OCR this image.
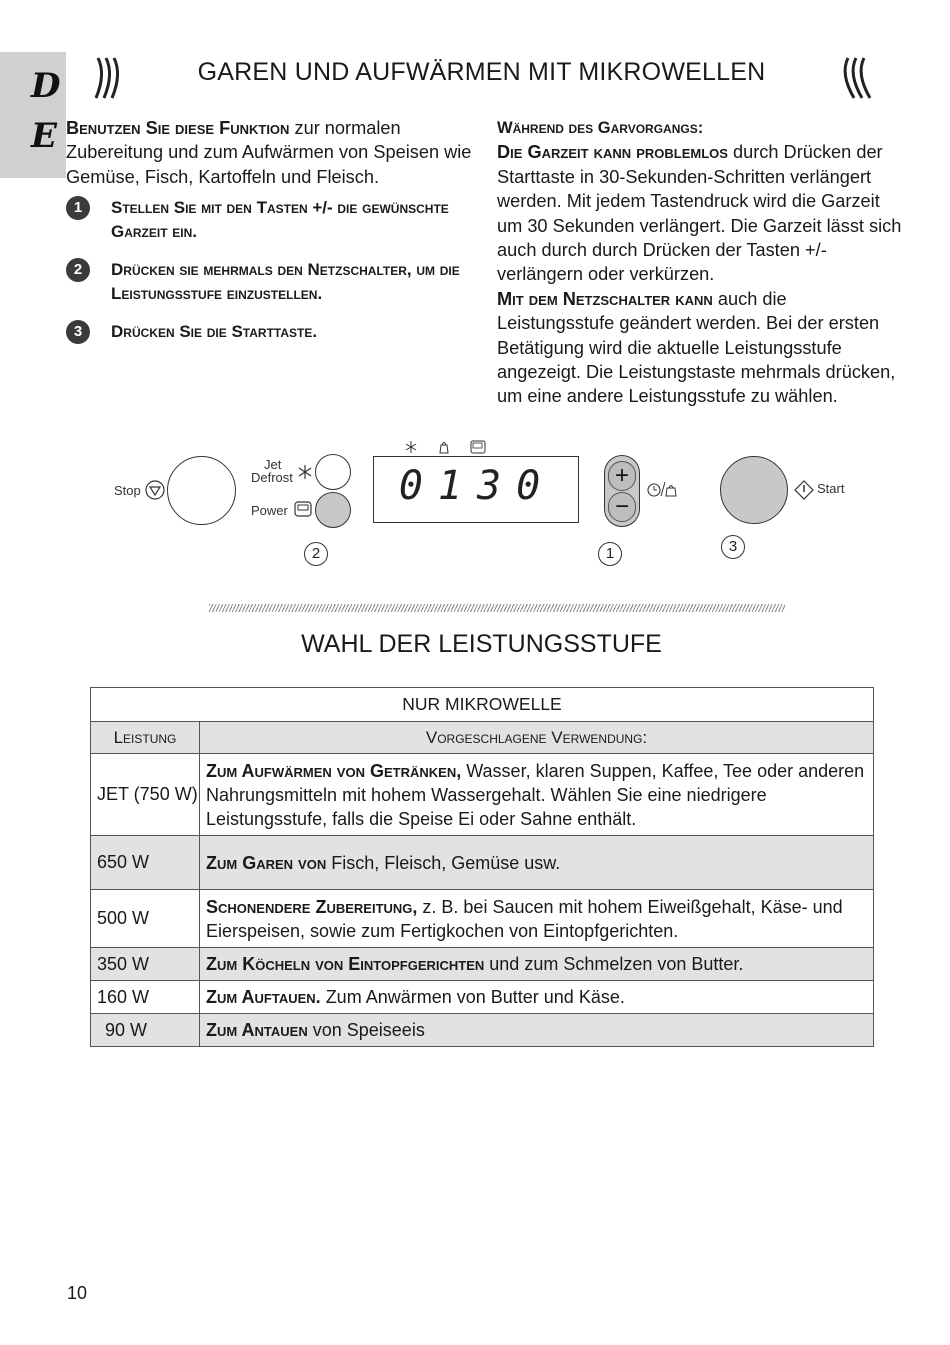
D
E
GAREN UND AUFWÄRMEN MIT MIKROWELLEN
Benutzen Sie diese Funktion zur normalen Zubereitung und zum Aufwärmen von Speisen wie Gemüse, Fisch, Kartoffeln und Fleisch.
1	Stellen Sie mit den Tasten +/- die gewünschte Garzeit ein.
2	Drücken sie mehrmals den Netzschalter, um die Leistungsstufe einzustellen.
3	Drücken Sie die Starttaste.
Während des Garvorgangs:
Die Garzeit kann problemlos durch Drücken der Starttaste in 30-Sekunden-Schritten verlängert werden. Mit jedem Tastendruck wird die Garzeit um 30 Sekunden verlängert. Die Garzeit lässt sich auch durch durch Drücken der Tasten +/- verlängern oder verkürzen.
Mit dem Netzschalter kann auch die Leistungsstufe geändert werden. Bei der ersten Betätigung wird die aktuelle Leistungsstufe angezeigt. Die Leistungstaste mehrmals drücken, um eine andere Leistungsstufe zu wählen.
Stop
Jet
Defrost
Power
0130	+
−
Start
2	1	3
WAHL DER LEISTUNGSSTUFE
NUR MIKROWELLE	
Leistung	Vorgeschlagene Verwendung:
JET (750 W)	Zum Aufwärmen von Getränken, Wasser, klaren Suppen, Kaffee, Tee oder anderen Nahrungsmitteln mit hohem Wassergehalt. Wählen Sie eine niedrigere Leistungsstufe, falls die Speise Ei oder Sahne enthält.
650 W	Zum Garen von Fisch, Fleisch, Gemüse usw.
500 W	Schonendere Zubereitung, z. B. bei Saucen mit hohem Eiweißgehalt, Käse- und Eierspeisen, sowie zum Fertigkochen von Eintopfgerichten.
350 W	Zum Köcheln von Eintopfgerichten und zum Schmelzen von Butter.
160 W	Zum Auftauen. Zum Anwärmen von Butter und Käse.
90 W	Zum Antauen von Speiseeis
10
